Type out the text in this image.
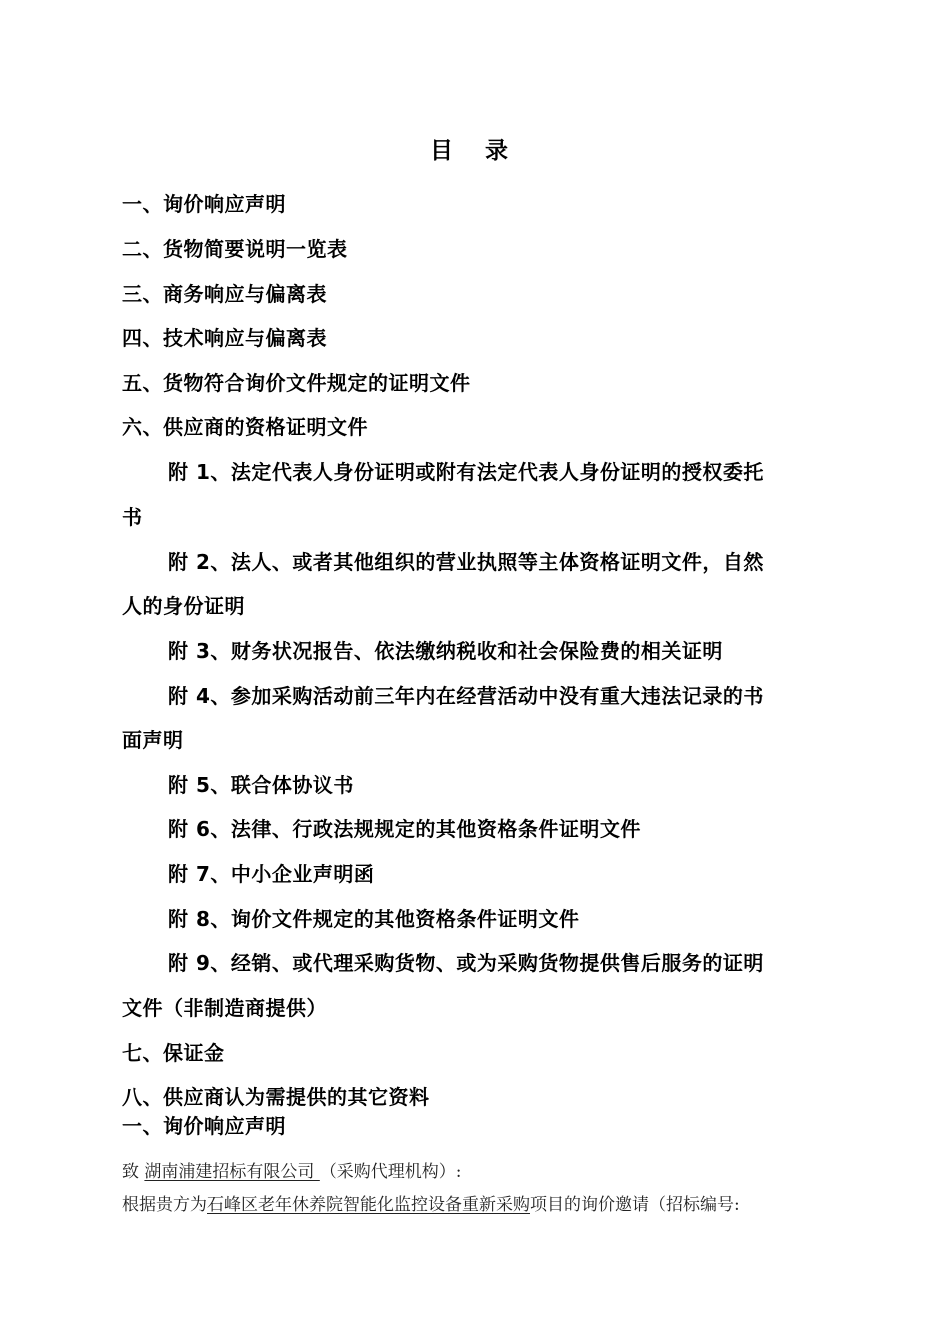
目 录
一、询价响应声明
二、货物简要说明一览表
三、商务响应与偏离表
四、技术响应与偏离表
五、货物符合询价文件规定的证明文件
六、供应商的资格证明文件
附 1、法定代表人身份证明或附有法定代表人身份证明的授权委托
书
附 2、法人、或者其他组织的营业执照等主体资格证明文件，自然
人的身份证明
附 3、财务状况报告、依法缴纳税收和社会保险费的相关证明
附 4、参加采购活动前三年内在经营活动中没有重大违法记录的书
面声明
附 5、联合体协议书
附 6、法律、行政法规规定的其他资格条件证明文件
附 7、中小企业声明函
附 8、询价文件规定的其他资格条件证明文件
附 9、经销、或代理采购货物、或为采购货物提供售后服务的证明
文件（非制造商提供）
七、保证金
八、供应商认为需提供的其它资料
一、询价响应声明
致 湖南浦建招标有限公司 （采购代理机构）:
根据贵方为石峰区老年休养院智能化监控设备重新采购项目的询价邀请（招标编号:
